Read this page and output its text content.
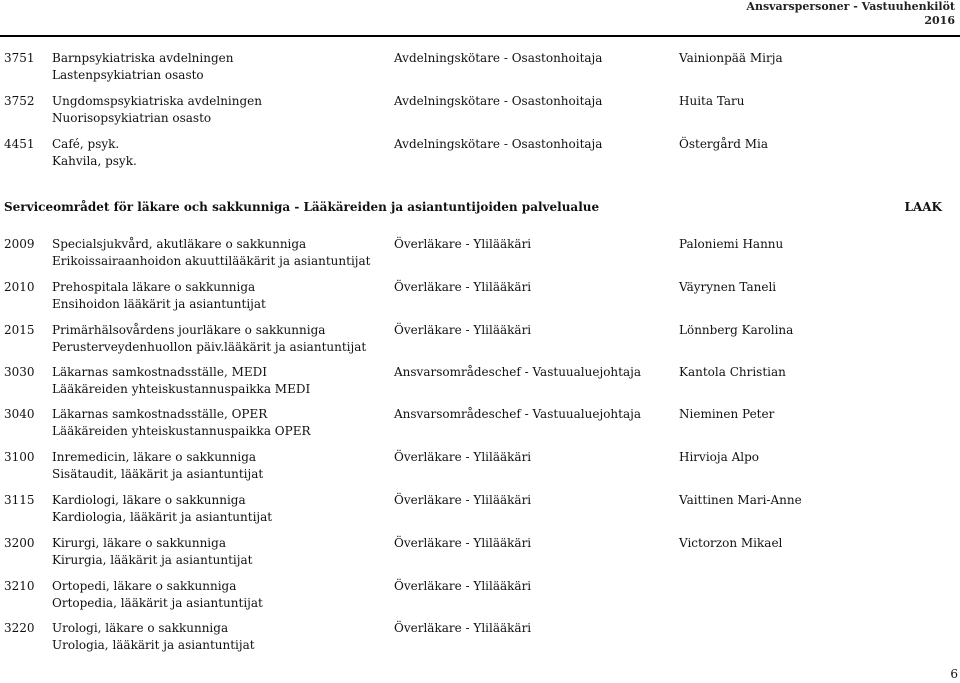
Ansvarspersoner - Vastuuhenkilöt
2016
3751 Barnpsykiatriska avdelningen
Lastenpsykiatrian osasto
Avdelningskötare - Osastonhoitaja	Vainionpää Mirja
3752 Ungdomspsykiatriska avdelningen
Nuorisopsykiatrian osasto
Avdelningskötare - Osastonhoitaja	Huita Taru
4451 Café, psyk.
Kahvila, psyk.
Avdelningskötare - Osastonhoitaja	Östergård Mia
Serviceområdet för läkare och sakkunniga - Lääkäreiden ja asiantuntijoiden palvelualue	LAAK
2009 Specialsjukvård, akutläkare o sakkunniga
Erikoissairaanhoidon akuuttilääkärit ja asiantuntijat
Överläkare - Ylilääkäri	Paloniemi Hannu
2010 Prehospitala läkare o sakkunniga
Ensihoidon lääkärit ja asiantuntijat
Överläkare - Ylilääkäri	Väyrynen Taneli
2015 Primärhälsovårdens jourläkare o sakkunniga
Perusterveydenhuollon päiv.lääkärit ja asiantuntijat
Överläkare - Ylilääkäri	Lönnberg Karolina
3030 Läkarnas samkostnadsställe, MEDI
Lääkäreiden yhteiskustannuspaikka MEDI
Ansvarsområdeschef - Vastuualuejohtaja	Kantola Christian
3040 Läkarnas samkostnadsställe, OPER
Lääkäreiden yhteiskustannuspaikka OPER
Ansvarsområdeschef - Vastuualuejohtaja	Nieminen Peter
3100 Inremedicin, läkare o sakkunniga
Sisätaudit, lääkärit ja asiantuntijat
Överläkare - Ylilääkäri	Hirvioja Alpo
3115 Kardiologi, läkare o sakkunniga
Kardiologia, lääkärit ja asiantuntijat
Överläkare - Ylilääkäri	Vaittinen Mari-Anne
3200 Kirurgi, läkare o sakkunniga
Kirurgia, lääkärit ja asiantuntijat
Överläkare - Ylilääkäri	Victorzon Mikael
3210 Ortopedi, läkare o sakkunniga
Ortopedia, lääkärit ja asiantuntijat
Överläkare - Ylilääkäri
3220 Urologi, läkare o sakkunniga
Urologia, lääkärit ja asiantuntijat
Överläkare - Ylilääkäri
6
